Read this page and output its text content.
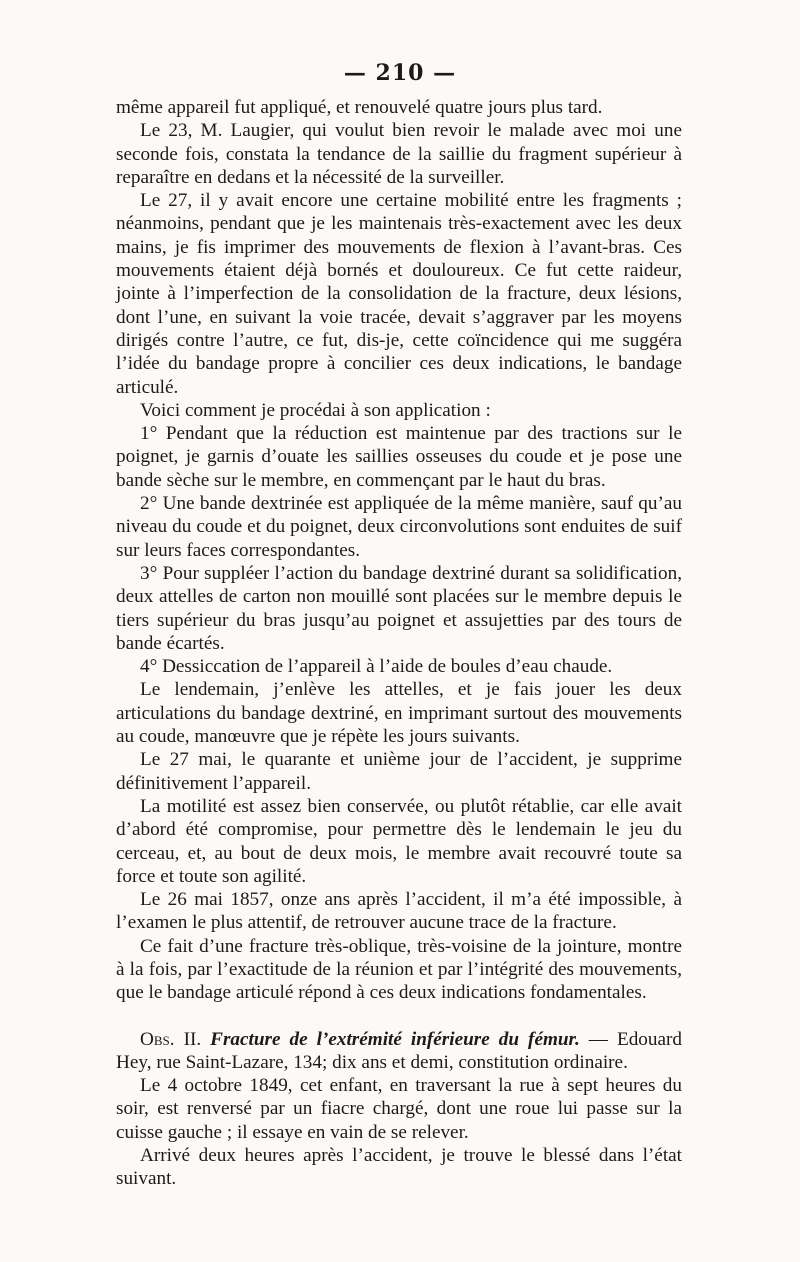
— 210 —

même appareil fut appliqué, et renouvelé quatre jours plus tard.

Le 23, M. Laugier, qui voulut bien revoir le malade avec moi une seconde fois, constata la tendance de la saillie du fragment supérieur à reparaître en dedans et la nécessité de la surveiller.

Le 27, il y avait encore une certaine mobilité entre les fragments ; néanmoins, pendant que je les maintenais très-exactement avec les deux mains, je fis imprimer des mouvements de flexion à l’avant-bras. Ces mouvements étaient déjà bornés et douloureux. Ce fut cette raideur, jointe à l’imperfection de la consolidation de la fracture, deux lésions, dont l’une, en suivant la voie tracée, devait s’aggraver par les moyens dirigés contre l’autre, ce fut, dis-je, cette coïncidence qui me suggéra l’idée du bandage propre à concilier ces deux indications, le bandage articulé.

Voici comment je procédai à son application :

1° Pendant que la réduction est maintenue par des tractions sur le poignet, je garnis d’ouate les saillies osseuses du coude et je pose une bande sèche sur le membre, en commençant par le haut du bras.

2° Une bande dextrinée est appliquée de la même manière, sauf qu’au niveau du coude et du poignet, deux circonvolutions sont enduites de suif sur leurs faces correspondantes.

3° Pour suppléer l’action du bandage dextriné durant sa solidification, deux attelles de carton non mouillé sont placées sur le membre depuis le tiers supérieur du bras jusqu’au poignet et assujetties par des tours de bande écartés.

4° Dessiccation de l’appareil à l’aide de boules d’eau chaude.

Le lendemain, j’enlève les attelles, et je fais jouer les deux articulations du bandage dextriné, en imprimant surtout des mouvements au coude, manœuvre que je répète les jours suivants.

Le 27 mai, le quarante et unième jour de l’accident, je supprime définitivement l’appareil.

La motilité est assez bien conservée, ou plutôt rétablie, car elle avait d’abord été compromise, pour permettre dès le lendemain le jeu du cerceau, et, au bout de deux mois, le membre avait recouvré toute sa force et toute son agilité.

Le 26 mai 1857, onze ans après l’accident, il m’a été impossible, à l’examen le plus attentif, de retrouver aucune trace de la fracture.

Ce fait d’une fracture très-oblique, très-voisine de la jointure, montre à la fois, par l’exactitude de la réunion et par l’intégrité des mouvements, que le bandage articulé répond à ces deux indications fondamentales.

Obs. II. Fracture de l’extrémité inférieure du fémur. — Edouard Hey, rue Saint-Lazare, 134; dix ans et demi, constitution ordinaire.

Le 4 octobre 1849, cet enfant, en traversant la rue à sept heures du soir, est renversé par un fiacre chargé, dont une roue lui passe sur la cuisse gauche ; il essaye en vain de se relever.

Arrivé deux heures après l’accident, je trouve le blessé dans l’état suivant.
